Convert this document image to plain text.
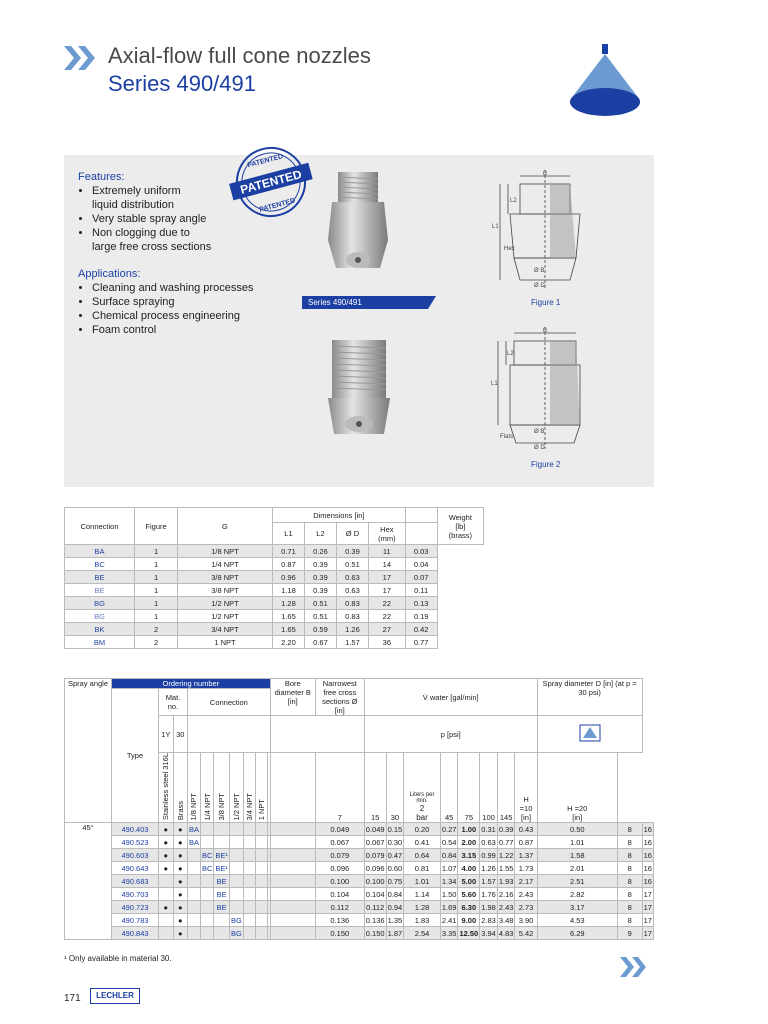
Axial-flow full cone nozzles
Series 490/491
Features:
• Extremely uniform
liquid distribution
• Very stable spray angle
• Non clogging due to
large free cross sections
Applications:
• Cleaning and washing processes
• Surface spraying
• Chemical process engineering
• Foam control
PATENTED
PATENTED
PATENTED
Series 490/491
G
L2
L1
Hex
Ø B
Ø D
Figure 1
G
L2
L1
Flats
Ø B
Ø D
Figure 2
Connection	Figure	G	Dimensions [in]					Weight
[lb]
(brass)
			L1	L2	Ø D	Hex
(mm)		
BA	1	1/8 NPT	0.71	0.26	0.39	11	0.03	
BC	1	1/4 NPT	0.87	0.39	0.51	14	0.04	
BE	1	3/8 NPT	0.96	0.39	0.63	17	0.07	
BE	1	3/8 NPT	1.18	0.39	0.63	17	0.11	
BG	1	1/2 NPT	1.28	0.51	0.83	22	0.13	
BG	1	1/2 NPT	1.65	0.51	0.83	22	0.19	
BK	2	3/4 NPT	1.65	0.59	1.26	27	0.42	
BM	2	1 NPT	2.20	0.67	1.57	36	0.77	
Spray angle	Ordering number										Bore diameter B [in]	Narrowest free cross sections Ø [in]	V̇ water [gal/min]								Spray diameter D [in] (at p = 30 psi)		
	Type	Mat. no.		Connection																			
		1Y	30										p [psi]	
		Stainless steel 316L	Brass	1/8 NPT	1/4 NPT	3/8 NPT	1/2 NPT	3/4 NPT	1 NPT			7	15	30	Liters per min.
2
bar	45	75	100	145	H =10
[in]	H =20
[in]		
45°	490.403	●	●	BA								0.049	0.049	0.15	0.20	0.27	1.00	0.31	0.39	0.43	0.50	8	16
	490.523	●	●	BA								0.067	0.067	0.30	0.41	0.54	2.00	0.63	0.77	0.87	1.01	8	16
	490.603	●	●		BC	BE¹						0.079	0.079	0.47	0.64	0.84	3.15	0.99	1.22	1.37	1.58	8	16
	490.643	●	●		BC	BE¹						0.096	0.096	0.60	0.81	1.07	4.00	1.26	1.55	1.73	2.01	8	16
	490.683		●			BE						0.100	0.100	0.75	1.01	1.34	5.00	1.57	1.93	2.17	2.51	8	16
	490.703		●			BE						0.104	0.104	0.84	1.14	1.50	5.60	1.76	2.16	2.43	2.82	8	17
	490.723	●	●			BE						0.112	0.112	0.94	1.28	1.69	6.30	1.98	2.43	2.73	3.17	8	17
	490.783		●				BG					0.136	0.136	1.35	1.83	2.41	9.00	2.83	3.48	3.90	4.53	8	17
	490.843		●				BG					0.150	0.150	1.87	2.54	3.35	12.50	3.94	4.83	5.42	6.29	9	17
¹ Only available in material 30.
171	LECHLER
